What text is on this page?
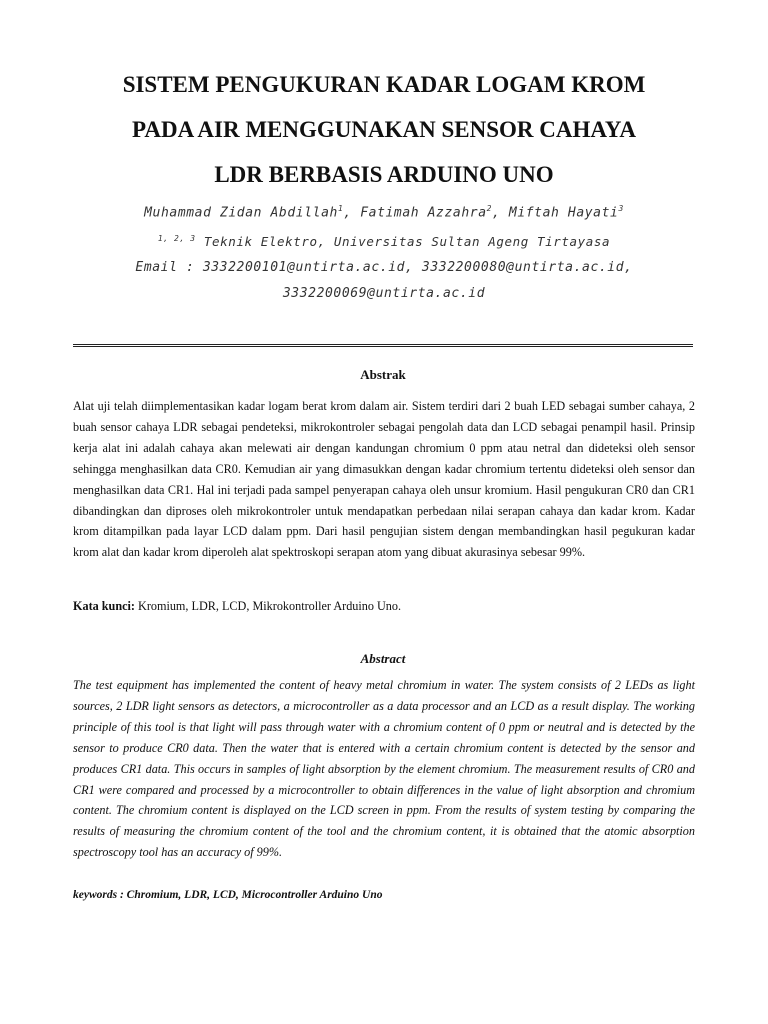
SISTEM PENGUKURAN KADAR LOGAM KROM
PADA AIR MENGGUNAKAN SENSOR CAHAYA
LDR BERBASIS ARDUINO UNO
Muhammad Zidan Abdillah$^1$, Fatimah Azzahra$^2$, Miftah Hayati$^3$
$^{1, 2, 3}$ Teknik Elektro, Universitas Sultan Ageng Tirtayasa
Email : 3332200101@untirta.ac.id, 3332200080@untirta.ac.id,
3332200069@untirta.ac.id
Abstrak

Alat uji telah diimplementasikan kadar logam berat krom dalam air. Sistem terdiri dari 2 buah LED sebagai sumber cahaya, 2 buah sensor cahaya LDR sebagai pendeteksi, mikrokontroler sebagai pengolah data dan LCD sebagai penampil hasil. Prinsip kerja alat ini adalah cahaya akan melewati air dengan kandungan chromium 0 ppm atau netral dan dideteksi oleh sensor sehingga menghasilkan data CR0. Kemudian air yang dimasukkan dengan kadar chromium tertentu dideteksi oleh sensor dan menghasilkan data CR1. Hal ini terjadi pada sampel penyerapan cahaya oleh unsur kromium. Hasil pengukuran CR0 dan CR1 dibandingkan dan diproses oleh mikrokontroler untuk mendapatkan perbedaan nilai serapan cahaya dan kadar krom. Kadar krom ditampilkan pada layar LCD dalam ppm. Dari hasil pengujian sistem dengan membandingkan hasil pegukuran kadar krom alat dan kadar krom diperoleh alat spektroskopi serapan atom yang dibuat akurasinya sebesar 99%.

Kata kunci: Kromium, LDR, LCD, Mikrokontroller Arduino Uno.

Abstract

The test equipment has implemented the content of heavy metal chromium in water. The system consists of 2 LEDs as light sources, 2 LDR light sensors as detectors, a microcontroller as a data processor and an LCD as a result display. The working principle of this tool is that light will pass through water with a chromium content of 0 ppm or neutral and is detected by the sensor to produce CR0 data. Then the water that is entered with a certain chromium content is detected by the sensor and produces CR1 data. This occurs in samples of light absorption by the element chromium. The measurement results of CR0 and CR1 were compared and processed by a microcontroller to obtain differences in the value of light absorption and chromium content. The chromium content is displayed on the LCD screen in ppm. From the results of system testing by comparing the results of measuring the chromium content of the tool and the chromium content, it is obtained that the atomic absorption spectroscopy tool has an accuracy of 99%.

keywords : Chromium, LDR, LCD, Microcontroller Arduino Uno
